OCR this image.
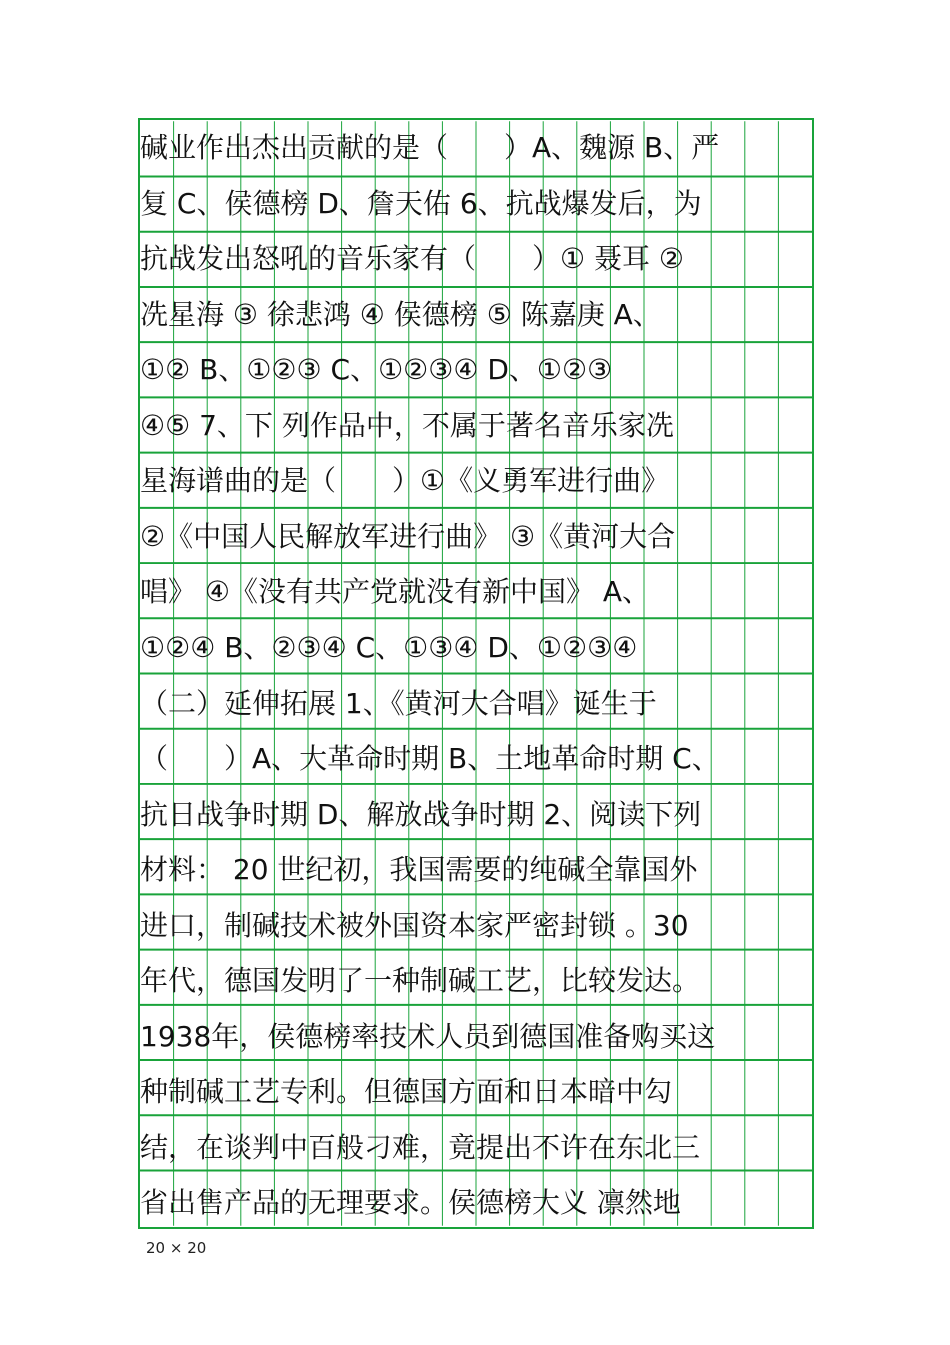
碱业作出杰出贡献的是（　　）A、魏源 B、严
复 C、侯德榜 D、詹天佑 6、抗战爆发后，为
抗战发出怒吼的音乐家有（　　）① 聂耳 ②
冼星海 ③ 徐悲鸿 ④ 侯德榜 ⑤ 陈嘉庚 A、
①② B、①②③ C、①②③④ D、①②③
④⑤ 7、下 列作品中，不属于著名音乐家冼
星海谱曲的是（　　）①《义勇军进行曲》
②《中国人民解放军进行曲》 ③《黄河大合
唱》 ④《没有共产党就没有新中国》 A、
①②④ B、②③④ C、①③④ D、①②③④
（二）延伸拓展 1、《黄河大合唱》诞生于
（　　）A、大革命时期 B、土地革命时期 C、
抗日战争时期 D、解放战争时期 2、阅读下列
材料： 20 世纪初，我国需要的纯碱全靠国外
进口，制碱技术被外国资本家严密封锁 。30
年代，德国发明了一种制碱工艺，比较发达。
1938年，侯德榜率技术人员到德国准备购买这
种制碱工艺专利。但德国方面和日本暗中勾
结，在谈判中百般刁难，竟提出不许在东北三
省出售产品的无理要求。侯德榜大义 凛然地
20 × 20
